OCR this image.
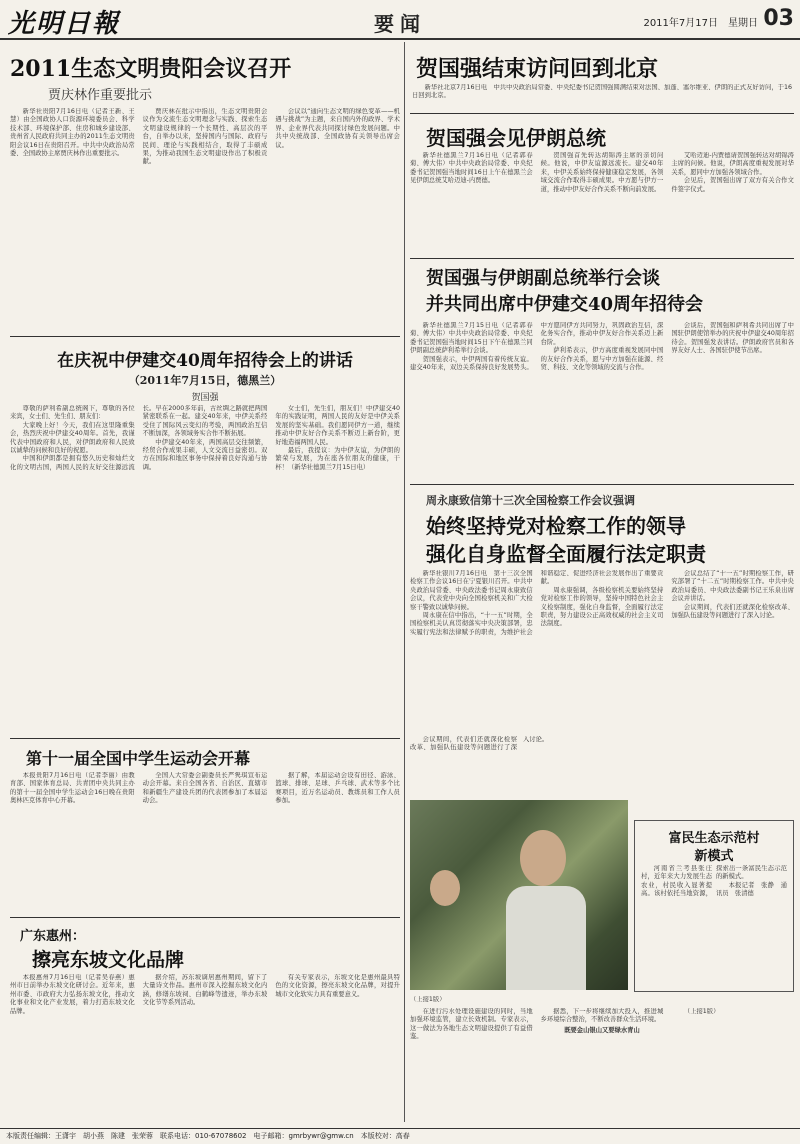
光明日報	要闻	2011年7月17日　星期日 03
2011生态文明贵阳会议召开
贾庆林作重要批示

新华社贵阳7月16日电（记者王新、王慧）由全国政协人口资源环境委员会、科学技术部、环境保护部、住房和城乡建设部、贵州省人民政府共同主办的2011生态文明贵阳会议16日在贵阳召开。中共中央政治局常委、全国政协主席贾庆林作出重要批示。

贾庆林在批示中指出，生态文明贵阳会议作为交流生态文明理念与实践、探索生态文明建设规律的一个长期性、高层次的平台，自举办以来，坚持国内与国际、政府与民间、理论与实践相结合，取得了丰硕成果，为推动我国生态文明建设作出了积极贡献。

会议以“通向生态文明的绿色变革——机遇与挑战”为主题，来自国内外的政界、学术界、企业界代表共同探讨绿色发展问题。中共中央统战部、全国政协有关领导出席会议。

在庆祝中伊建交40周年招待会上的讲话
（2011年7月15日，德黑兰）
贺国强

尊敬的萨利希副总统阁下，尊敬的各位来宾，女士们、先生们、朋友们：

大家晚上好！今天，我们在这里隆重集会，热烈庆祝中伊建交40周年。首先，我谨代表中国政府和人民，对伊朗政府和人民致以诚挚的问候和良好的祝愿。

中国和伊朗都是拥有悠久历史和灿烂文化的文明古国，两国人民的友好交往源远流长。早在2000多年前，古丝绸之路就把两国紧密联系在一起。建交40年来，中伊关系经受住了国际风云变幻的考验，两国政治互信不断加深，各领域务实合作不断拓展。

中伊建交40年来，两国高层交往频繁，经贸合作成果丰硕，人文交流日益密切。双方在国际和地区事务中保持着良好沟通与协调。

女士们，先生们，朋友们！中伊建交40年的实践证明，两国人民的友好是中伊关系发展的坚实基础。我们愿同伊方一道，继续推动中伊友好合作关系不断迈上新台阶，更好地造福两国人民。

最后，我提议：为中伊友谊，为伊朗的繁荣与发展，为在座各位朋友的健康，干杯！（新华社德黑兰7月15日电）

第十一届全国中学生运动会开幕

本报贵阳7月16日电（记者李丽）由教育部、国家体育总局、共青团中央共同主办的第十一届全国中学生运动会16日晚在贵阳奥林匹克体育中心开幕。

全国人大常委会副委员长严隽琪宣布运动会开幕。来自全国各省、自治区、直辖市和新疆生产建设兵团的代表团参加了本届运动会。

据了解，本届运动会设有田径、游泳、篮球、排球、足球、乒乓球、武术等多个比赛项目，近万名运动员、教练员和工作人员参加。

广东惠州：
擦亮东坡文化品牌

本报惠州7月16日电（记者吴春燕）惠州市日前举办东坡文化研讨会。近年来，惠州市委、市政府大力弘扬东坡文化，推动文化事业和文化产业发展，着力打造东坡文化品牌。

据介绍，苏东坡谪居惠州期间，留下了大量诗文作品。惠州市深入挖掘东坡文化内涵，修缮东坡祠、白鹤峰等遗迹，举办东坡文化节等系列活动。

有关专家表示，东坡文化是惠州最具特色的文化资源，擦亮东坡文化品牌，对提升城市文化软实力具有重要意义。

贺国强结束访问回到北京

新华社北京7月16日电　中共中央政治局常委、中央纪委书记贺国强圆满结束对法国、加蓬、塞尔维亚、伊朗的正式友好访问，于16日回到北京。

贺国强会见伊朗总统

新华社德黑兰7月16日电（记者郭春菊、傅大伟）中共中央政治局常委、中央纪委书记贺国强当地时间16日上午在德黑兰会见伊朗总统艾哈迈迪-内贾德。

贺国强首先转达胡锦涛主席的亲切问候。他说，中伊友谊源远流长。建交40年来，中伊关系始终保持健康稳定发展，各领域交流合作取得丰硕成果。中方愿与伊方一道，推动中伊友好合作关系不断向前发展。

艾哈迈迪-内贾德请贺国强转达对胡锦涛主席的问候。他说，伊朗高度重视发展对华关系，愿同中方加强各领域合作。

会见后，贺国强出席了双方有关合作文件签字仪式。

贺国强与伊朗副总统举行会谈
并共同出席中伊建交40周年招待会

新华社德黑兰7月15日电（记者郭春菊、傅大伟）中共中央政治局常委、中央纪委书记贺国强当地时间15日下午在德黑兰同伊朗副总统萨利希举行会谈。

贺国强表示，中伊两国有着传统友谊。建交40年来，双边关系保持良好发展势头。中方愿同伊方共同努力，巩固政治互信，深化务实合作，推动中伊友好合作关系迈上新台阶。

萨利希表示，伊方高度重视发展同中国的友好合作关系，愿与中方加强在能源、经贸、科技、文化等领域的交流与合作。

会谈后，贺国强和萨利希共同出席了中国驻伊朗使馆举办的庆祝中伊建交40周年招待会。贺国强发表讲话。伊朗政府官员和各界友好人士、各国驻伊使节出席。

周永康致信第十三次全国检察工作会议强调
始终坚持党对检察工作的领导
强化自身监督全面履行法定职责

新华社银川7月16日电　第十三次全国检察工作会议16日在宁夏银川召开。中共中央政治局常委、中央政法委书记周永康致信会议，代表党中央向全国检察机关和广大检察干警致以诚挚问候。

周永康在信中指出，“十一五”时期，全国检察机关认真贯彻落实中央决策部署，忠实履行宪法和法律赋予的职责，为维护社会和谐稳定、促进经济社会发展作出了重要贡献。

周永康强调，各级检察机关要始终坚持党对检察工作的领导，坚持中国特色社会主义检察制度，强化自身监督，全面履行法定职责，努力建设公正高效权威的社会主义司法制度。

会议总结了“十一五”时期检察工作，研究部署了“十二五”时期检察工作。中共中央政治局委员、中央政法委副书记王乐泉出席会议并讲话。

会议期间，代表们还就深化检察改革、加强队伍建设等问题进行了深入讨论。

会议期间，代表们还就深化检察改革、加强队伍建设等问题进行了深入讨论。

富民生态示范村
新模式

河南省兰考县张庄村，近年来大力发展生态农业，村民收入显著提高。该村依托当地资源，探索出一条富民生态示范的新模式。

本报记者　张静　通讯员　张清德

（上接1版）

在进行污水处理设施建设的同时，当地加强环境监管，建立长效机制。专家表示，这一做法为各地生态文明建设提供了有益借鉴。

据悉，下一步将继续加大投入，推进城乡环境综合整治，不断改善群众生活环境。

既要金山银山又要绿水青山

（上接1版）

本版责任编辑：王潇宇　胡小燕　陈建　张荣蓉　联系电话：010-67078602　电子邮箱：gmrbywr@gmw.cn　本版校对：高春
